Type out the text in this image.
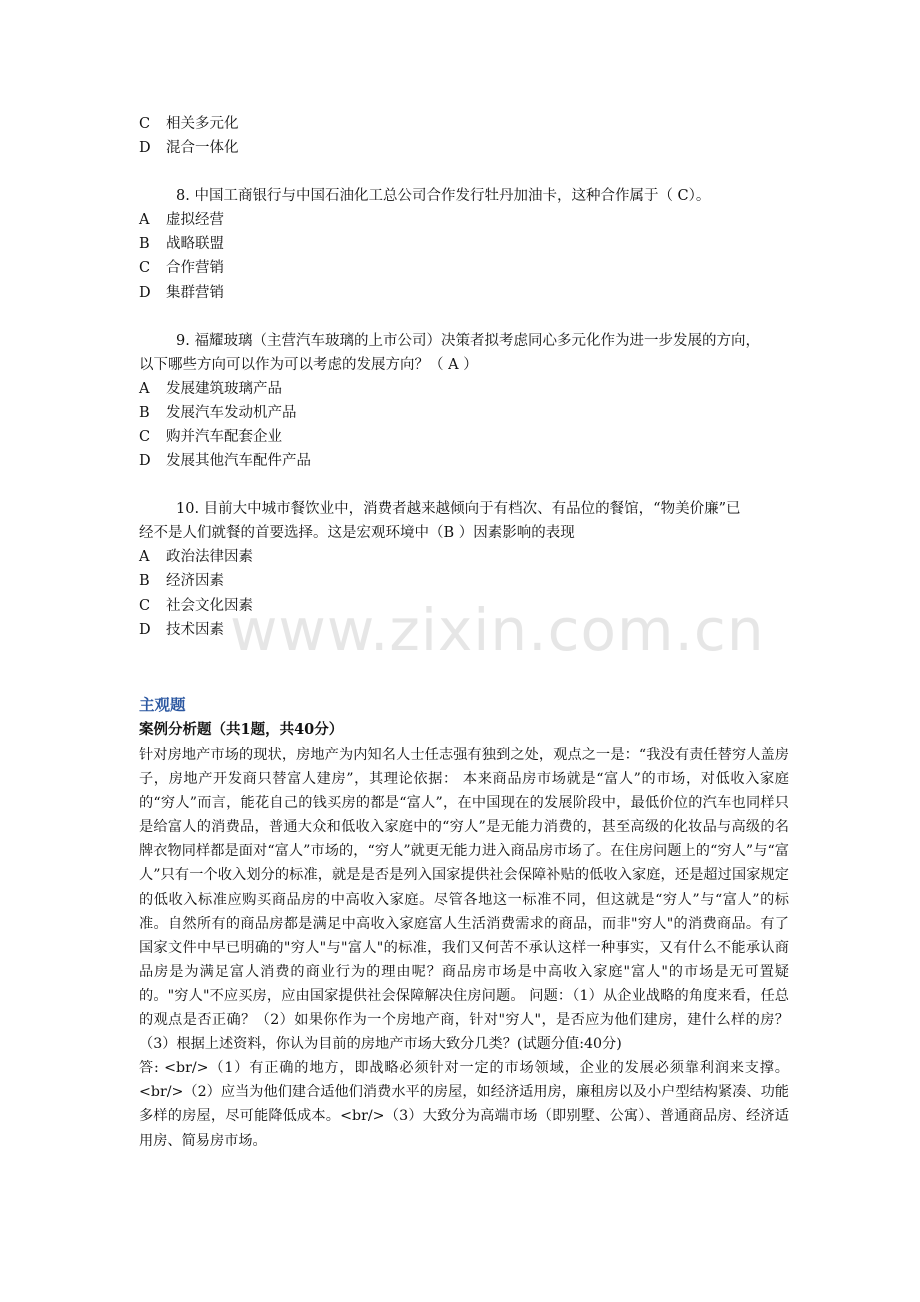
C 相关多元化
D 混合一体化
8. 中国工商银行与中国石油化工总公司合作发行牡丹加油卡，这种合作属于（ C）。
A 虚拟经营
B 战略联盟
C 合作营销
D 集群营销
9. 福耀玻璃（主营汽车玻璃的上市公司）决策者拟考虑同心多元化作为进一步发展的方向，
以下哪些方向可以作为可以考虑的发展方向？（ A ）
A 发展建筑玻璃产品
B 发展汽车发动机产品
C 购并汽车配套企业
D 发展其他汽车配件产品
10. 目前大中城市餐饮业中，消费者越来越倾向于有档次、有品位的餐馆，“物美价廉”已
经不是人们就餐的首要选择。这是宏观环境中（B ）因素影响的表现
A 政治法律因素
B 经济因素
C 社会文化因素
D 技术因素 www.zixin.com.cn
主观题
案例分析题（共1题，共40分）

针对房地产市场的现状，房地产为内知名人士任志强有独到之处，观点之一是：“我没有责任替穷人盖房子，房地产开发商只替富人建房”，其理论依据： 本来商品房市场就是“富人”的市场，对低收入家庭的“穷人”而言，能花自己的钱买房的都是“富人”，在中国现在的发展阶段中，最低价位的汽车也同样只是给富人的消费品，普通大众和低收入家庭中的“穷人”是无能力消费的，甚至高级的化妆品与高级的名牌衣物同样都是面对“富人”市场的，“穷人”就更无能力进入商品房市场了。在住房问题上的“穷人”与“富人”只有一个收入划分的标准，就是是否是列入国家提供社会保障补贴的低收入家庭，还是超过国家规定的低收入标准应购买商品房的中高收入家庭。尽管各地这一标准不同，但这就是“穷人”与“富人”的标准。自然所有的商品房都是满足中高收入家庭富人生活消费需求的商品，而非"穷人"的消费商品。有了国家文件中早已明确的"穷人"与"富人"的标准，我们又何苦不承认这样一种事实，又有什么不能承认商品房是为满足富人消费的商业行为的理由呢？商品房市场是中高收入家庭"富人"的市场是无可置疑的。"穷人"不应买房，应由国家提供社会保障解决住房问题。 问题：（1）从企业战略的角度来看，任总的观点是否正确？（2）如果你作为一个房地产商，针对"穷人"，是否应为他们建房，建什么样的房？（3）根据上述资料，你认为目前的房地产市场大致分几类？(试题分值:40分)

答: <br/>（1）有正确的地方，即战略必须针对一定的市场领域，企业的发展必须靠利润来支撑。<br/>（2）应当为他们建合适他们消费水平的房屋，如经济适用房，廉租房以及小户型结构紧凑、功能多样的房屋，尽可能降低成本。<br/>（3）大致分为高端市场（即别墅、公寓）、普通商品房、经济适用房、简易房市场。
